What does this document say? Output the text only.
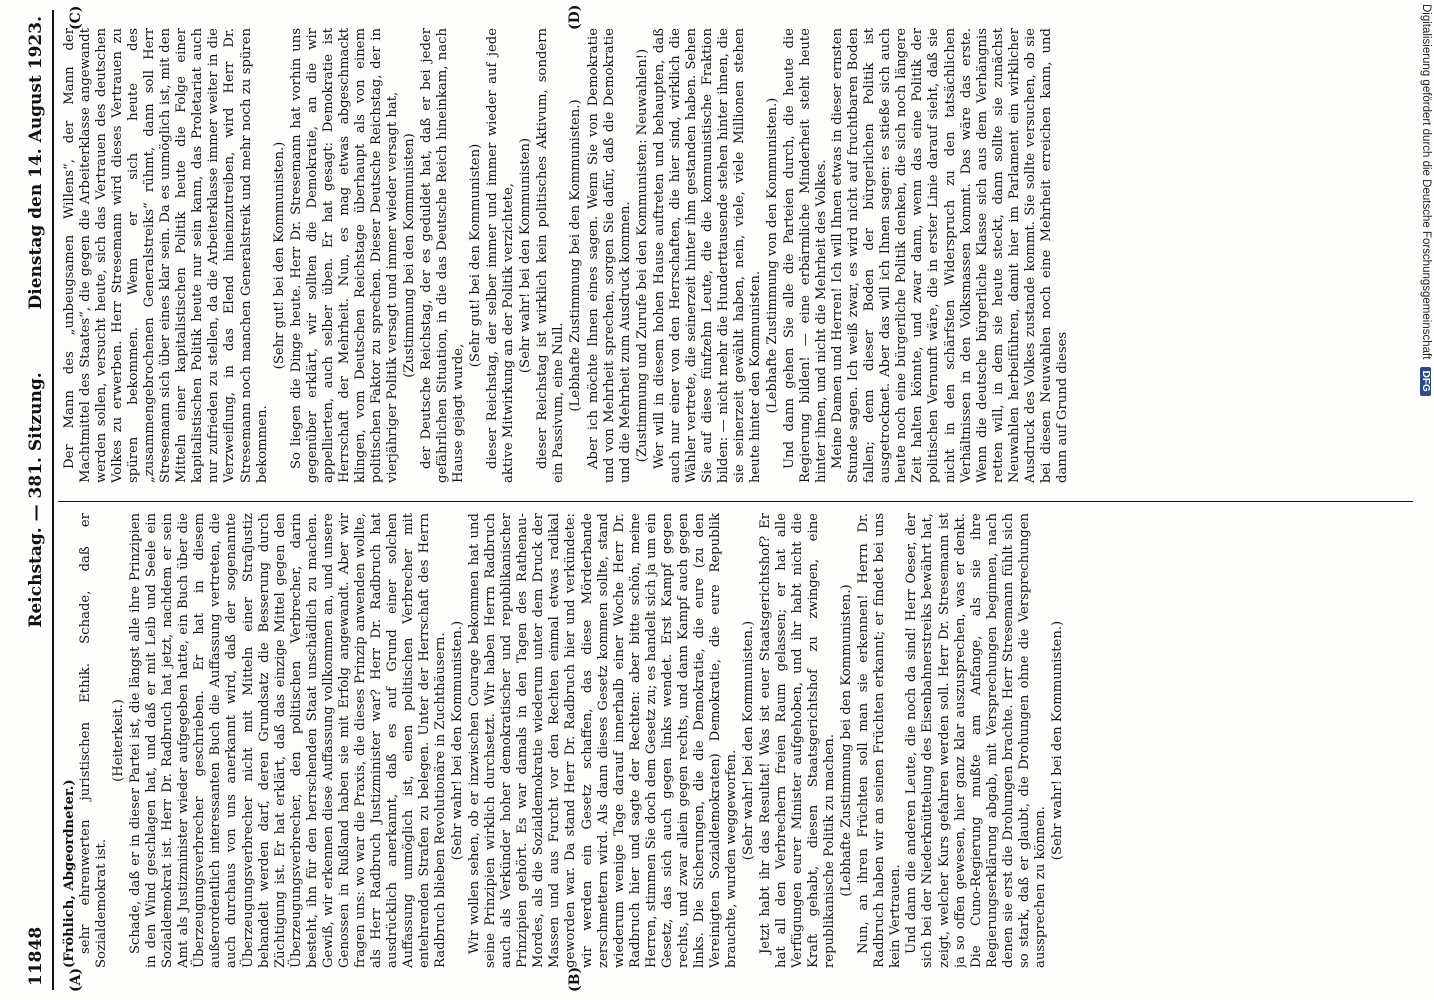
11848
Reichstag. — 381. Sitzung.
Dienstag den 14. August 1923.
(A)	(B)
(C)	(D)

(Fröhlich, Abgeordneter.) sehr ehrenwerten juristischen Ethik. Schade, daß er Sozialdemokrat ist.

(Heiterkeit.) Schade, daß er in dieser Partei ist, die längst alle ihre Prinzipien in den Wind geschlagen hat, und daß er mit Leib und Seele ein Sozialdemokrat ist. Herr Dr. Radbruch hat jetzt, nachdem er sein Amt als Justizminister wieder aufgegeben hatte, ein Buch über die Überzeugungsverbrecher geschrieben. Er hat in diesem außerordentlich interessanten Buch die Auffassung vertreten, die auch durchaus von uns anerkannt wird, daß der sogenannte Überzeugungsverbrecher nicht mit Mitteln einer Strafjustiz behandelt werden darf, deren Grundsatz die Besserung durch Züchtigung ist. Er hat erklärt, daß das einzige Mittel gegen den Überzeugungsverbrecher, den politischen Verbrecher, darin besteht, ihn für den herrschenden Staat unschädlich zu machen. Gewiß, wir erkennen diese Auffassung vollkommen an, und unsere Genossen in Rußland haben sie mit Erfolg angewandt. Aber wir fragen uns: wo war die Praxis, die dieses Prinzip anwenden wollte, als Herr Radbruch Justizminister war? Herr Dr. Radbruch hat ausdrücklich anerkannt, daß es auf Grund einer solchen Auffassung unmöglich ist, einen politischen Verbrecher mit entehrenden Strafen zu belegen. Unter der Herrschaft des Herrn Radbruch blieben Revolutionäre in Zuchthäusern. (Sehr wahr! bei den Kommunisten.) Wir wollen sehen, ob er inzwischen Courage bekommen hat und seine Prinzipien wirklich durchsetzt. Wir haben Herrn Radbruch auch als Verkünder hoher demokratischer und republikanischer Prinzipien gehört. Es war damals in den Tagen des Rathenau-Mordes, als die Sozialdemokratie wiederum unter dem Druck der Massen und aus Furcht vor den Rechten einmal etwas radikal geworden war. Da stand Herr Dr. Radbruch hier und verkündete: wir werden ein Gesetz schaffen, das diese Mörderbande zerschmettern wird. Als dann dieses Gesetz kommen sollte, stand wiederum wenige Tage darauf innerhalb einer Woche Herr Dr. Radbruch hier und sagte der Rechten: aber bitte schön, meine Herren, stimmen Sie doch dem Gesetz zu; es handelt sich ja um ein Gesetz, das sich auch gegen links wendet. Erst Kampf gegen rechts, und zwar allein gegen rechts, und dann Kampf auch gegen links. Die Sicherungen, die die Demokratie, die eure (zu den Vereinigten Sozialdemokraten) Demokratie, die eure Republik brauchte, wurden weggeworfen. (Sehr wahr! bei den Kommunisten.) Jetzt habt ihr das Resultat! Was ist euer Staatsgerichtshof? Er hat all den Verbrechern freien Raum gelassen; er hat alle Verfügungen eurer Minister aufgehoben, und ihr habt nicht die Kraft gehabt, diesen Staatsgerichtshof zu zwingen, eine republikanische Politik zu machen. (Lebhafte Zustimmung bei den Kommunisten.) Nun, an ihren Früchten soll man sie erkennen! Herrn Dr. Radbruch haben wir an seinen Früchten erkannt; er findet bei uns kein Vertrauen. Und dann die anderen Leute, die noch da sind! Herr Oeser, der sich bei der Niederknüttelung des Eisenbahnerstreiks bewährt hat, zeigt, welcher Kurs gefahren werden soll. Herr Dr. Stresemann ist ja so offen gewesen, hier ganz klar auszusprechen, was er denkt. Die Cuno-Regierung mußte am Anfange, als sie ihre Regierungserklärung abgab, mit Versprechungen beginnen, nach denen sie erst die Drohungen brachte. Herr Stresemann fühlt sich so stark, daß er glaubt, die Drohungen ohne die Versprechungen aussprechen zu können.

(Sehr wahr! bei den Kommunisten.)

Der Mann des „unbeugsamen Willens“, der Mann der Machtmittel des Staates“, die gegen die Arbeiterklasse angewandt werden sollen, versucht heute, sich das Vertrauen des deutschen Volkes zu erwerben. Herr Stresemann wird dieses Vertrauen zu spüren bekommen. Wenn er sich heute des „zusammengebrochenen Generalstreiks“ rühmt, dann soll Herr Stresemann sich über eines klar sein. Da es unmöglich ist, mit den Mitteln einer kapitalistischen Politik heute die Folge einer kapitalistischen Politik heute nur sein kann, das Proletariat auch nur zufrieden zu stellen, da die Arbeiterklasse immer weiter in die Verzweiflung, in das Elend hineinzutreiben, wird Herr Dr. Stresemann noch manchen Generalstreik und mehr noch zu spüren bekommen.

(Sehr gut! bei den Kommunisten.) So liegen die Dinge heute. Herr Dr. Stresemann hat vorhin uns gegenüber erklärt, wir sollten die Demokratie, an die wir appellierten, auch selber üben. Er hat gesagt: Demokratie ist Herrschaft der Mehrheit. Nun, es mag etwas abgeschmackt klingen, vom Deutschen Reichstage überhaupt als von einem politischen Faktor zu sprechen. Dieser Deutsche Reichstag, der in vierjähriger Politik versagt und immer wieder versagt hat, (Zustimmung bei den Kommunisten) der Deutsche Reichstag, der es geduldet hat, daß er bei jeder gefährlichen Situation, in die das Deutsche Reich hineinkam, nach Hause gejagt wurde,

(Sehr gut! bei den Kommunisten) dieser Reichstag, der selber immer und immer wieder auf jede aktive Mitwirkung an der Politik verzichtete, (Sehr wahr! bei den Kommunisten) dieser Reichstag ist wirklich kein politisches Aktivum, sondern ein Passivum, eine Null. (Lebhafte Zustimmung bei den Kommunisten.) Aber ich möchte Ihnen eines sagen. Wenn Sie von Demokratie und von Mehrheit sprechen, sorgen Sie dafür, daß die Demokratie und die Mehrheit zum Ausdruck kommen. (Zustimmung und Zurufe bei den Kommunisten: Neuwahlen!) Wer will in diesem hohen Hause auftreten und behaupten, daß auch nur einer von den Herrschaften, die hier sind, wirklich die Wähler vertrete, die seinerzeit hinter ihm gestanden haben. Sehen Sie auf diese fünfzehn Leute, die die kommunistische Fraktion bilden: — nicht mehr die Hunderttausende stehen hinter ihnen, die sie seinerzeit gewählt haben, nein, viele, viele Millionen stehen heute hinter den Kommunisten. (Lebhafte Zustimmung von den Kommunisten.) Und dann gehen Sie alle die Parteien durch, die heute die Regierung bilden! — eine erbärmliche Minderheit steht heute hinter ihnen, und nicht die Mehrheit des Volkes. Meine Damen und Herren! Ich will Ihnen etwas in dieser ernsten Stunde sagen. Ich weiß zwar, es wird nicht auf fruchtbaren Boden fallen; denn dieser Boden der bürgerlichen Politik ist ausgetrocknet. Aber das will ich Ihnen sagen: es stieße sich auch heute noch eine bürgerliche Politik denken, die sich noch längere Zeit halten könnte, und zwar dann, wenn das eine Politik der politischen Vernunft wäre, die in erster Linie darauf sieht, daß sie nicht in den schärfsten Widerspruch zu den tatsächlichen Verhältnissen in den Volksmassen kommt. Das wäre das erste. Wenn die deutsche bürgerliche Klasse sich aus dem Verhängnis retten will, in dem sie heute steckt, dann sollte sie zunächst Neuwahlen herbeiführen, damit hier im Parlament ein wirklicher Ausdruck des Volkes zustande kommt. Sie sollte versuchen, ob sie bei diesen Neuwahlen noch eine Mehrheit erreichen kann, und dann auf Grund dieses

Digitalisierung gefördert durch die Deutsche Forschungsgemeinschaft DFG
